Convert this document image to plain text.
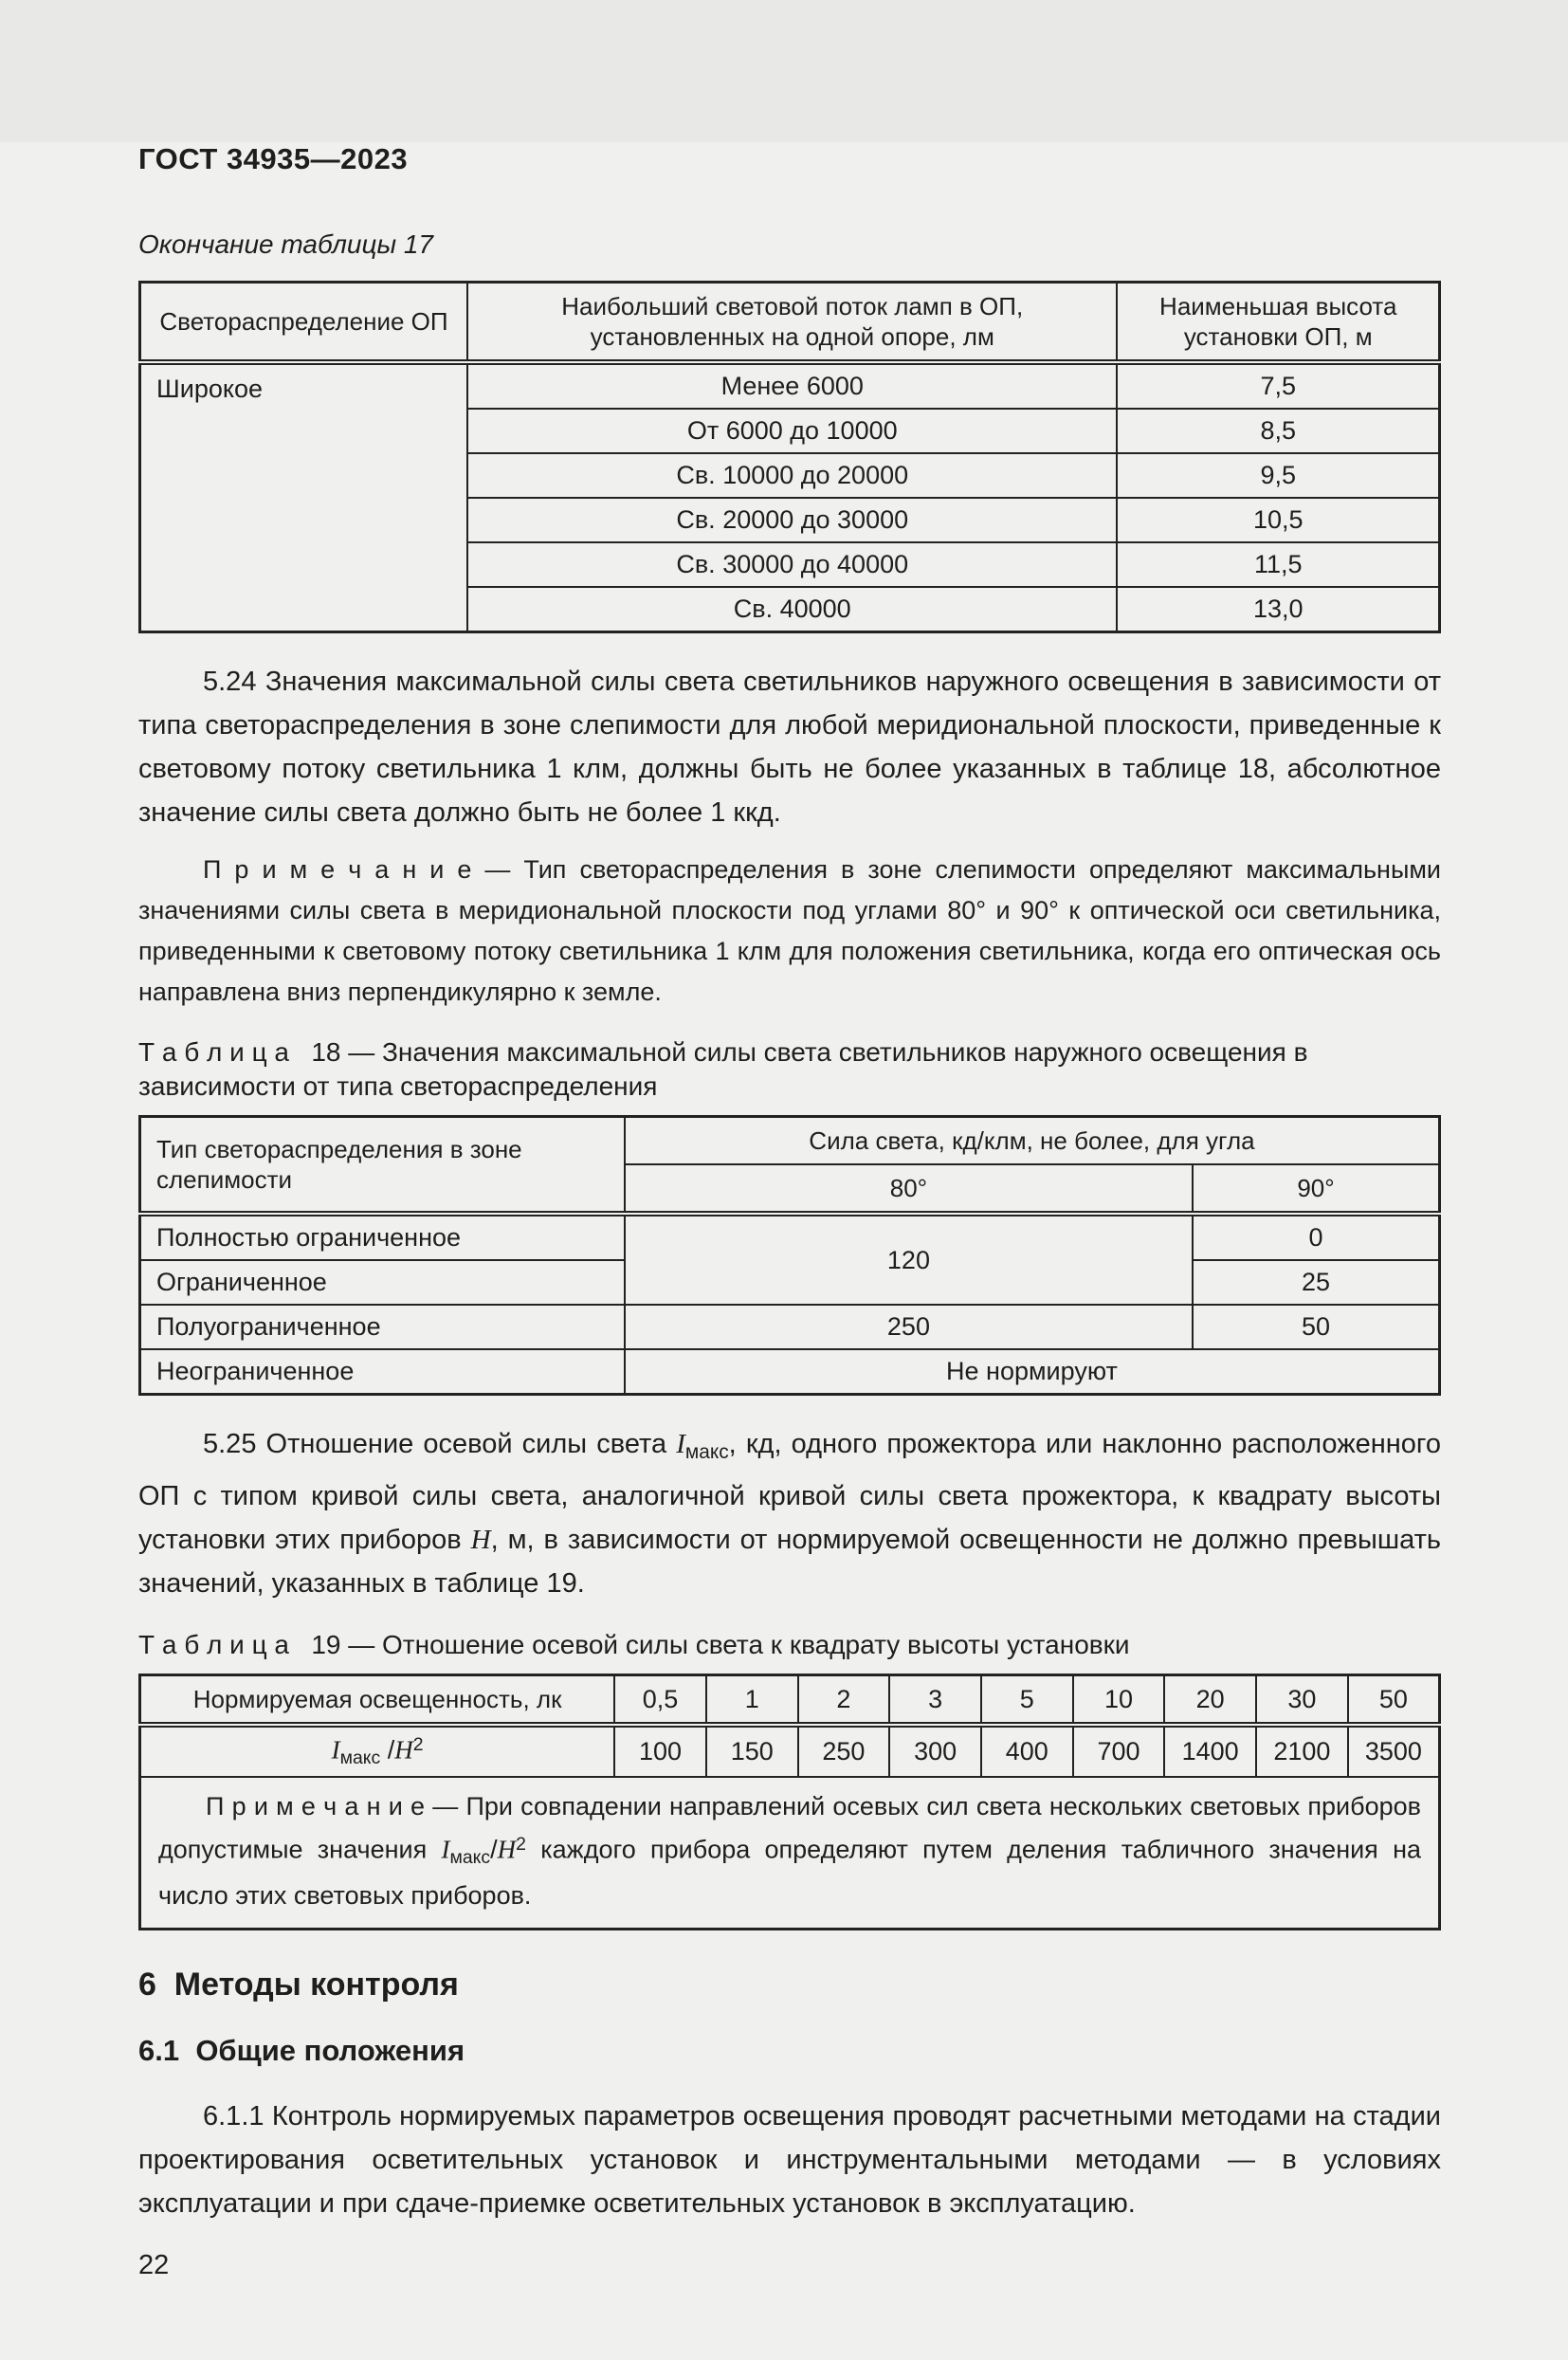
ГОСТ 34935—2023
Окончание таблицы 17
Светораспределение ОП	Наибольший световой поток ламп в ОП, установленных на одной опоре, лм	Наименьшая высота установки ОП, м
Широкое	Менее 6000	7,5
	От 6000 до 10000	8,5
	Св. 10000 до 20000	9,5
	Св. 20000 до 30000	10,5
	Св. 30000 до 40000	11,5
	Св. 40000	13,0

5.24 Значения максимальной силы света светильников наружного освещения в зависимости от типа светораспределения в зоне слепимости для любой меридиональной плоскости, приведенные к световому потоку светильника 1 клм, должны быть не более указанных в таблице 18, абсолютное значение силы света должно быть не более 1 ккд.

П р и м е ч а н и е — Тип светораспределения в зоне слепимости определяют максимальными значениями силы света в меридиональной плоскости под углами 80° и 90° к оптической оси светильника, приведенными к световому потоку светильника 1 клм для положения светильника, когда его оптическая ось направлена вниз перпендикулярно к земле.

Т а б л и ц а   18 — Значения максимальной силы света светильников наружного освещения в зависимости от типа светораспределения

Тип светораспределения в зоне слепимости	Сила света, кд/клм, не более, для угла	
	80°	90°
Полностью ограниченное	120	0
Ограниченное		25
Полуограниченное	250	50
Неограниченное	Не нормируют	

5.25 Отношение осевой силы света $I_{макс}$, кд, одного прожектора или наклонно расположенного ОП с типом кривой силы света, аналогичной кривой силы света прожектора, к квадрату высоты установки этих приборов H, м, в зависимости от нормируемой освещенности не должно превышать значений, указанных в таблице 19.

Т а б л и ц а   19 — Отношение осевой силы света к квадрату высоты установки

Нормируемая освещенность, лк	0,5	1	2	3	5	10	20	30	50
$I_{макс}$ $/H^2$	100	150	250	300	400	700	1400	2100	3500
П р и м е ч а н и е — При совпадении направлений осевых сил света нескольких световых приборов допустимые значения $I_{макс}/H^2$ каждого прибора определяют путем деления табличного значения на число этих световых приборов.									
6  Методы контроля
6.1  Общие положения

6.1.1 Контроль нормируемых параметров освещения проводят расчетными методами на стадии проектирования осветительных установок и инструментальными методами — в условиях эксплуатации и при сдаче-приемке осветительных установок в эксплуатацию.

22
